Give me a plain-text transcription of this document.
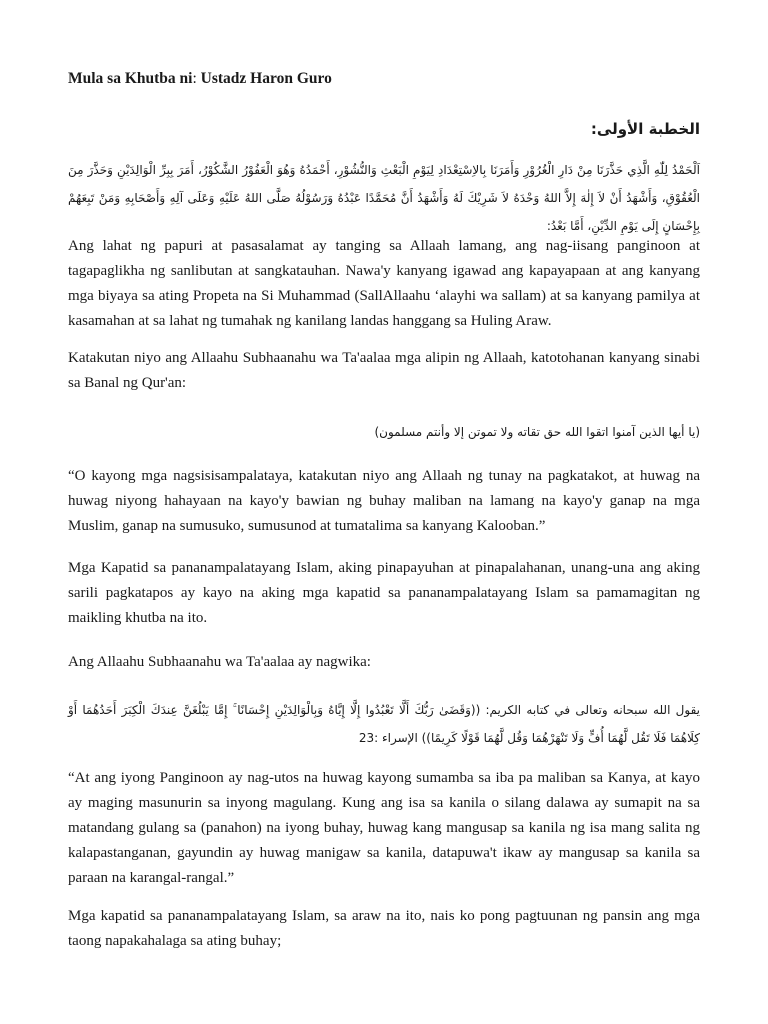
Mula sa Khutba ni: Ustadz Haron Guro
الخطبة الأولى:
اَلْحَمْدُ لِلّٰهِ الَّذِي حَذَّرَنَا مِنْ دَارِ الْغُرُوْرِ وَأَمَرَنَا بِالاِسْتِعْدَادِ لِيَوْمِ الْبَعْثِ وَالنُّشُوْرِ، أَحْمَدُهُ وَهُوَ الْعَفُوْرُ الشَّكُوْرُ، أَمَرَ بِبِرِّ الْوَالِدَيْنِ وَحَذَّرَ مِنَ الْعُقُوْقِ، وَأَشْهَدُ أَنْ لاَ إِلٰهَ إِلاَّ اللهُ وَحْدَهُ لاَ شَرِيْكَ لَهُ وَأَشْهَدُ أَنَّ مُحَمَّدًا عَبْدُهُ وَرَسُوْلُهُ صَلَّى اللهُ عَلَيْهِ وَعَلَى آلِهِ وَأَصْحَابِهِ وَمَنْ تَبِعَهُمْ بِإِحْسَانٍ إِلَى يَوْمِ الدِّيْنِ، أَمَّا بَعْدُ:

Ang lahat ng papuri at pasasalamat ay tanging sa Allaah lamang, ang nag-iisang panginoon at tagapaglikha ng sanlibutan at sangkatauhan. Nawa'y kanyang igawad ang kapayapaan at ang kanyang mga biyaya sa ating Propeta na Si Muhammad (SallAllaahu ‘alayhi wa sallam) at sa kanyang pamilya at kasamahan at sa lahat ng tumahak ng kanilang landas hanggang sa Huling Araw.

Katakutan niyo ang Allaahu Subhaanahu wa Ta'aalaa mga alipin ng Allaah, katotohanan kanyang sinabi sa Banal ng Qur'an:

(يا أيها الذين آمنوا اتقوا الله حق تقاته ولا تموتن إلا وأنتم مسلمون)

“O kayong mga nagsisisampalataya, katakutan niyo ang Allaah ng tunay na pagkatakot, at huwag na huwag niyong hahayaan na kayo'y bawian ng buhay maliban na lamang na kayo'y ganap na mga Muslim, ganap na sumusuko, sumusunod at tumatalima sa kanyang Kalooban.”

Mga Kapatid sa pananampalatayang Islam, aking pinapayuhan at pinapalahanan, unang-una ang aking sarili pagkatapos ay kayo na aking mga kapatid sa pananampalatayang Islam sa pamamagitan ng maikling khutba na ito.

Ang Allaahu Subhaanahu wa Ta'aalaa ay nagwika:

يقول الله سبحانه وتعالى في كتابه الكريم: ((وَقَضَىٰ رَبُّكَ أَلَّا تَعْبُدُوا إِلَّا إِيَّاهُ وَبِالْوَالِدَيْنِ إِحْسَانًا ۚ إِمَّا يَبْلُغَنَّ عِندَكَ الْكِبَرَ أَحَدُهُمَا أَوْ كِلَاهُمَا فَلَا تَقُل لَّهُمَا أُفٍّ وَلَا تَنْهَرْهُمَا وَقُل لَّهُمَا قَوْلًا كَرِيمًا)) الإسراء :23

“At ang iyong Panginoon ay nag-utos na huwag kayong sumamba sa iba pa maliban sa Kanya, at kayo ay maging masunurin sa inyong magulang. Kung ang isa sa kanila o silang dalawa ay sumapit na sa matandang gulang sa (panahon) na iyong buhay, huwag kang mangusap sa kanila ng isa mang salita ng kalapastanganan, gayundin ay huwag manigaw sa kanila, datapuwa't ikaw ay mangusap sa kanila sa paraan na karangal-rangal.”

Mga kapatid sa pananampalatayang Islam, sa araw na ito, nais ko pong pagtuunan ng pansin ang mga taong napakahalaga sa ating buhay;
